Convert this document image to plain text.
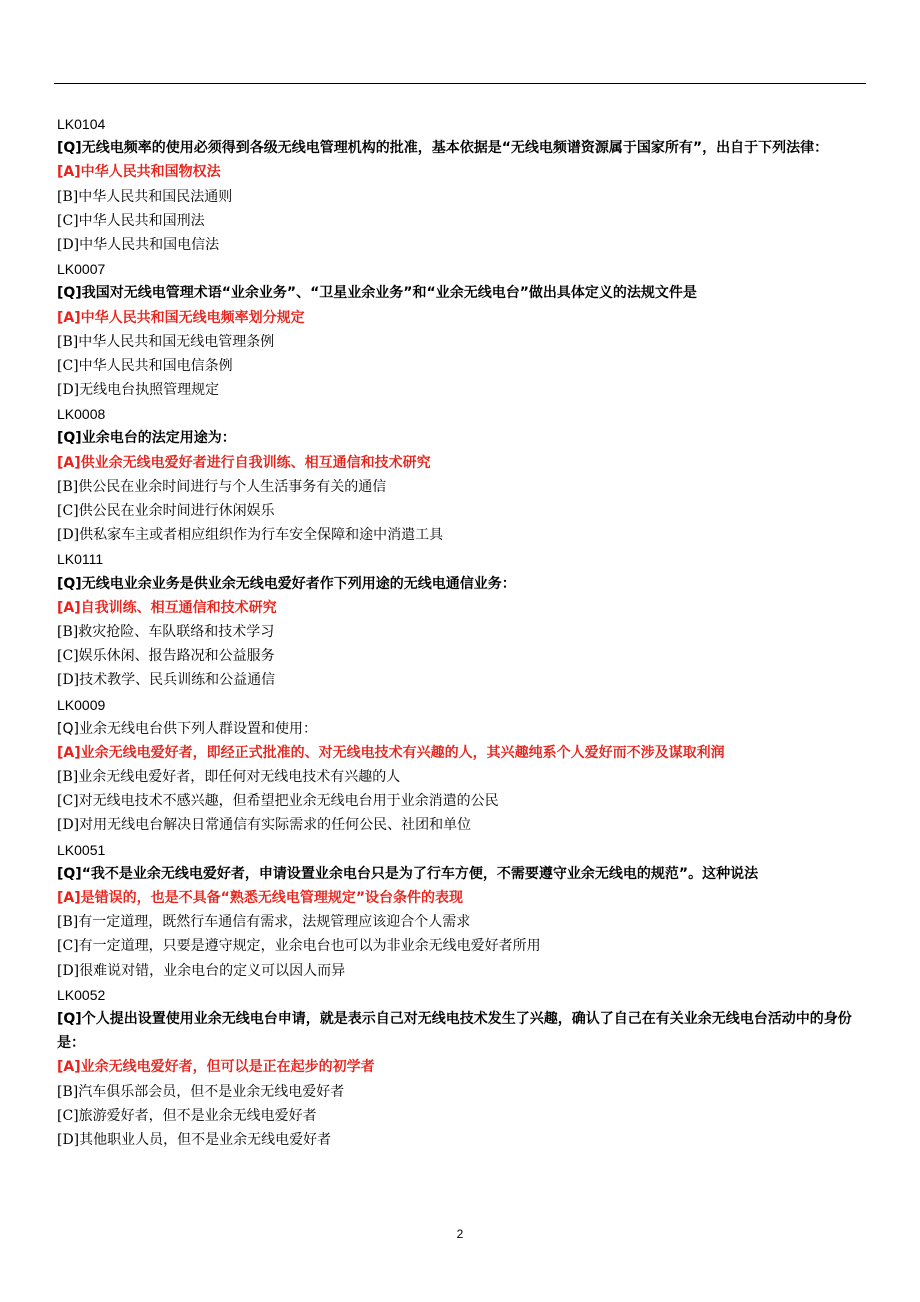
LK0104
[Q]无线电频率的使用必须得到各级无线电管理机构的批准，基本依据是“无线电频谱资源属于国家所有”，出自于下列法律：
[A]中华人民共和国物权法
[B]中华人民共和国民法通则
[C]中华人民共和国刑法
[D]中华人民共和国电信法
LK0007
[Q]我国对无线电管理术语“业余业务”、“卫星业余业务”和“业余无线电台”做出具体定义的法规文件是
[A]中华人民共和国无线电频率划分规定
[B]中华人民共和国无线电管理条例
[C]中华人民共和国电信条例
[D]无线电台执照管理规定
LK0008
[Q]业余电台的法定用途为：
[A]供业余无线电爱好者进行自我训练、相互通信和技术研究
[B]供公民在业余时间进行与个人生活事务有关的通信
[C]供公民在业余时间进行休闲娱乐
[D]供私家车主或者相应组织作为行车安全保障和途中消遣工具
LK0111
[Q]无线电业余业务是供业余无线电爱好者作下列用途的无线电通信业务：
[A]自我训练、相互通信和技术研究
[B]救灾抢险、车队联络和技术学习
[C]娱乐休闲、报告路况和公益服务
[D]技术教学、民兵训练和公益通信
LK0009
[Q]业余无线电台供下列人群设置和使用：
[A]业余无线电爱好者，即经正式批准的、对无线电技术有兴趣的人，其兴趣纯系个人爱好而不涉及谋取利润
[B]业余无线电爱好者，即任何对无线电技术有兴趣的人
[C]对无线电技术不感兴趣，但希望把业余无线电台用于业余消遣的公民
[D]对用无线电台解决日常通信有实际需求的任何公民、社团和单位
LK0051
[Q]“我不是业余无线电爱好者，申请设置业余电台只是为了行车方便，不需要遵守业余无线电的规范”。这种说法
[A]是错误的，也是不具备“熟悉无线电管理规定”设台条件的表现
[B]有一定道理，既然行车通信有需求，法规管理应该迎合个人需求
[C]有一定道理，只要是遵守规定，业余电台也可以为非业余无线电爱好者所用
[D]很难说对错，业余电台的定义可以因人而异
LK0052
[Q]个人提出设置使用业余无线电台申请，就是表示自己对无线电技术发生了兴趣，确认了自己在有关业余无线电台活动中的身份是：
[A]业余无线电爱好者，但可以是正在起步的初学者
[B]汽车俱乐部会员，但不是业余无线电爱好者
[C]旅游爱好者，但不是业余无线电爱好者
[D]其他职业人员，但不是业余无线电爱好者
2
